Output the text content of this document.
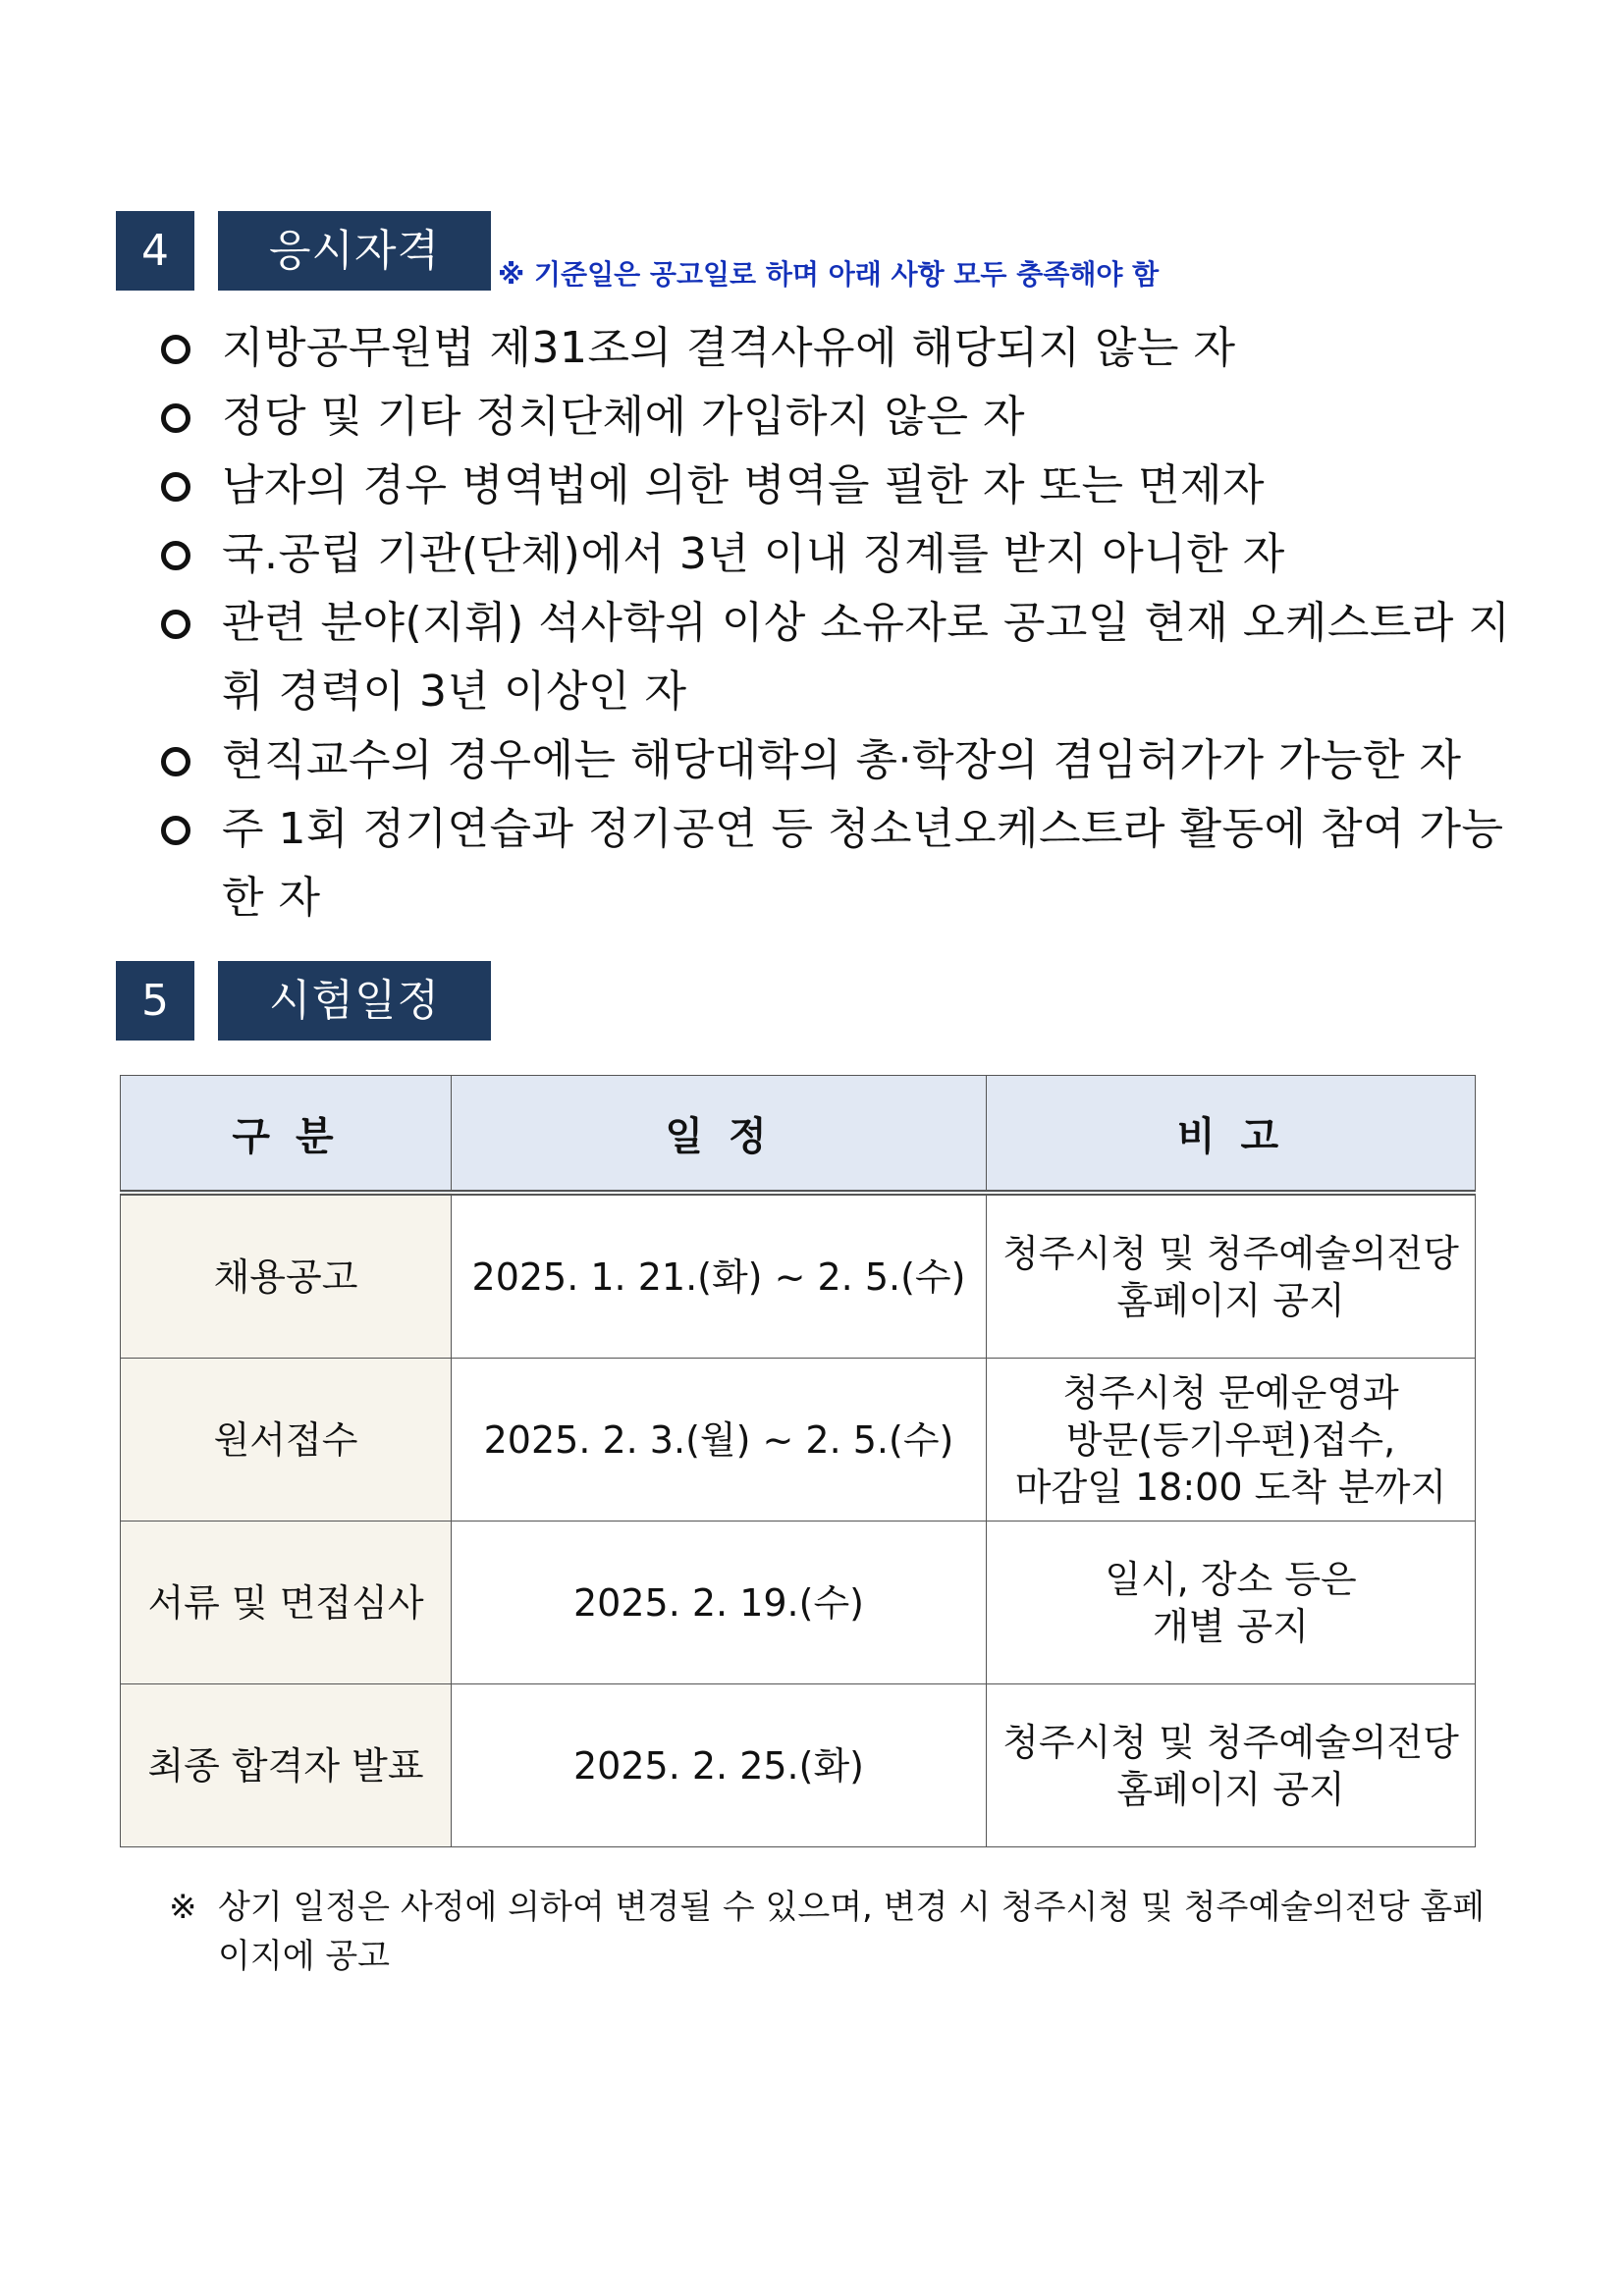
4	응시자격	※ 기준일은 공고일로 하며 아래 사항 모두 충족해야 함
지방공무원법 제31조의 결격사유에 해당되지 않는 자
정당 및 기타 정치단체에 가입하지 않은 자
남자의 경우 병역법에 의한 병역을 필한 자 또는 면제자
국.공립 기관(단체)에서 3년 이내 징계를 받지 아니한 자
관련 분야(지휘) 석사학위 이상 소유자로 공고일 현재 오케스트라 지휘 경력이 3년 이상인 자
현직교수의 경우에는 해당대학의 총·학장의 겸임허가가 가능한 자
주 1회 정기연습과 정기공연 등 청소년오케스트라 활동에 참여 가능한 자
5	시험일정
구 분	일 정	비 고
채용공고	2025. 1. 21.(화) ~ 2. 5.(수)	청주시청 및 청주예술의전당
홈페이지 공지

원서접수	2025. 2. 3.(월) ~ 2. 5.(수)	청주시청 문예운영과
방문(등기우편)접수,
마감일 18:00 도착 분까지

서류 및 면접심사	2025. 2. 19.(수)	일시, 장소 등은
개별 공지

최종 합격자 발표	2025. 2. 25.(화)	청주시청 및 청주예술의전당
홈페이지 공지
※ 상기 일정은 사정에 의하여 변경될 수 있으며, 변경 시 청주시청 및 청주예술의전당 홈페이지에 공고
